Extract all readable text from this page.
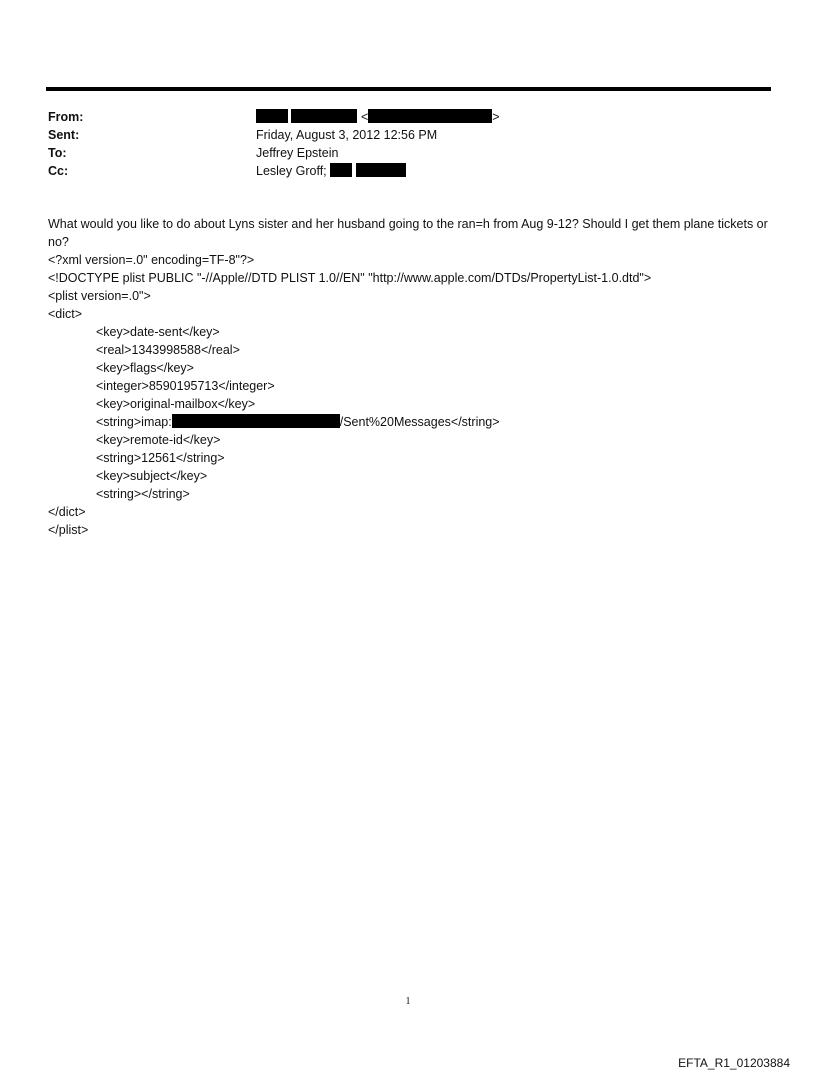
From:	<	>
Sent:	Friday, August 3, 2012 12:56 PM
To:	Jeffrey Epstein
Cc:	Lesley Groff;

What would you like to do about Lyns sister and her husband going to the ran=h from Aug 9-12? Should I get them plane tickets or no?

<?xml version=.0" encoding=TF-8"?>
<!DOCTYPE plist PUBLIC "-//Apple//DTD PLIST 1.0//EN" "http://www.apple.com/DTDs/PropertyList-1.0.dtd">
<plist version=.0">
<dict>
<key>date-sent</key>
<real>1343998588</real>
<key>flags</key>
<integer>8590195713</integer>
<key>original-mailbox</key>
<string>imap:	/Sent%20Messages</string>
<key>remote-id</key>
<string>12561</string>
<key>subject</key>
<string></string>
</dict>
</plist>
1
EFTA_R1_01203884
